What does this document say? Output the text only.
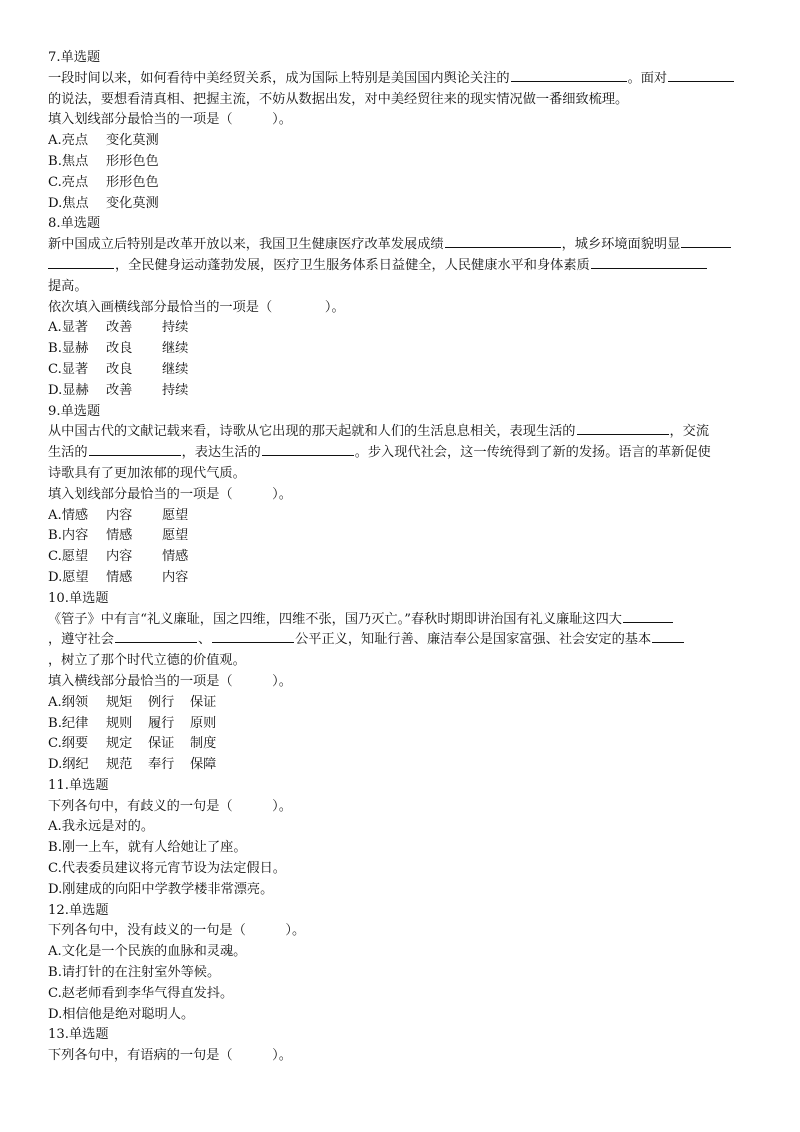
7.单选题
一段时间以来，如何看待中美经贸关系，成为国际上特别是美国国内舆论关注的	。面对
的说法，要想看清真相、把握主流，不妨从数据出发，对中美经贸往来的现实情况做一番细致梳理。
填入划线部分最恰当的一项是（　　　）。
A.亮点 变化莫测
B.焦点 形形色色
C.亮点 形形色色
D.焦点 变化莫测
8.单选题
新中国成立后特别是改革开放以来，我国卫生健康医疗改革发展成绩	，城乡环境面貌明显
，全民健身运动蓬勃发展，医疗卫生服务体系日益健全，人民健康水平和身体素质
提高。
依次填入画横线部分最恰当的一项是（　　　　）。
A.显著 改善 持续
B.显赫 改良 继续
C.显著 改良 继续
D.显赫 改善 持续
9.单选题
从中国古代的文献记载来看，诗歌从它出现的那天起就和人们的生活息息相关，表现生活的	，交流
生活的	，表达生活的	。步入现代社会，这一传统得到了新的发扬。语言的革新促使
诗歌具有了更加浓郁的现代气质。
填入划线部分最恰当的一项是（　　　）。
A.情感 内容 愿望
B.内容 情感 愿望
C.愿望 内容 情感
D.愿望 情感 内容
10.单选题
《管子》中有言“礼义廉耻，国之四维，四维不张，国乃灭亡。”春秋时期即讲治国有礼义廉耻这四大
，遵守社会	、	公平正义，知耻行善、廉洁奉公是国家富强、社会安定的基本
，树立了那个时代立德的价值观。
填入横线部分最恰当的一项是（　　　）。
A.纲领 规矩 例行 保证
B.纪律 规则 履行 原则
C.纲要 规定 保证 制度
D.纲纪 规范 奉行 保障
11.单选题
下列各句中，有歧义的一句是（　　　）。
A.我永远是对的。
B.刚一上车，就有人给她让了座。
C.代表委员建议将元宵节设为法定假日。
D.刚建成的向阳中学教学楼非常漂亮。
12.单选题
下列各句中，没有歧义的一句是（　　　）。
A.文化是一个民族的血脉和灵魂。
B.请打针的在注射室外等候。
C.赵老师看到李华气得直发抖。
D.相信他是绝对聪明人。
13.单选题
下列各句中，有语病的一句是（　　　）。
